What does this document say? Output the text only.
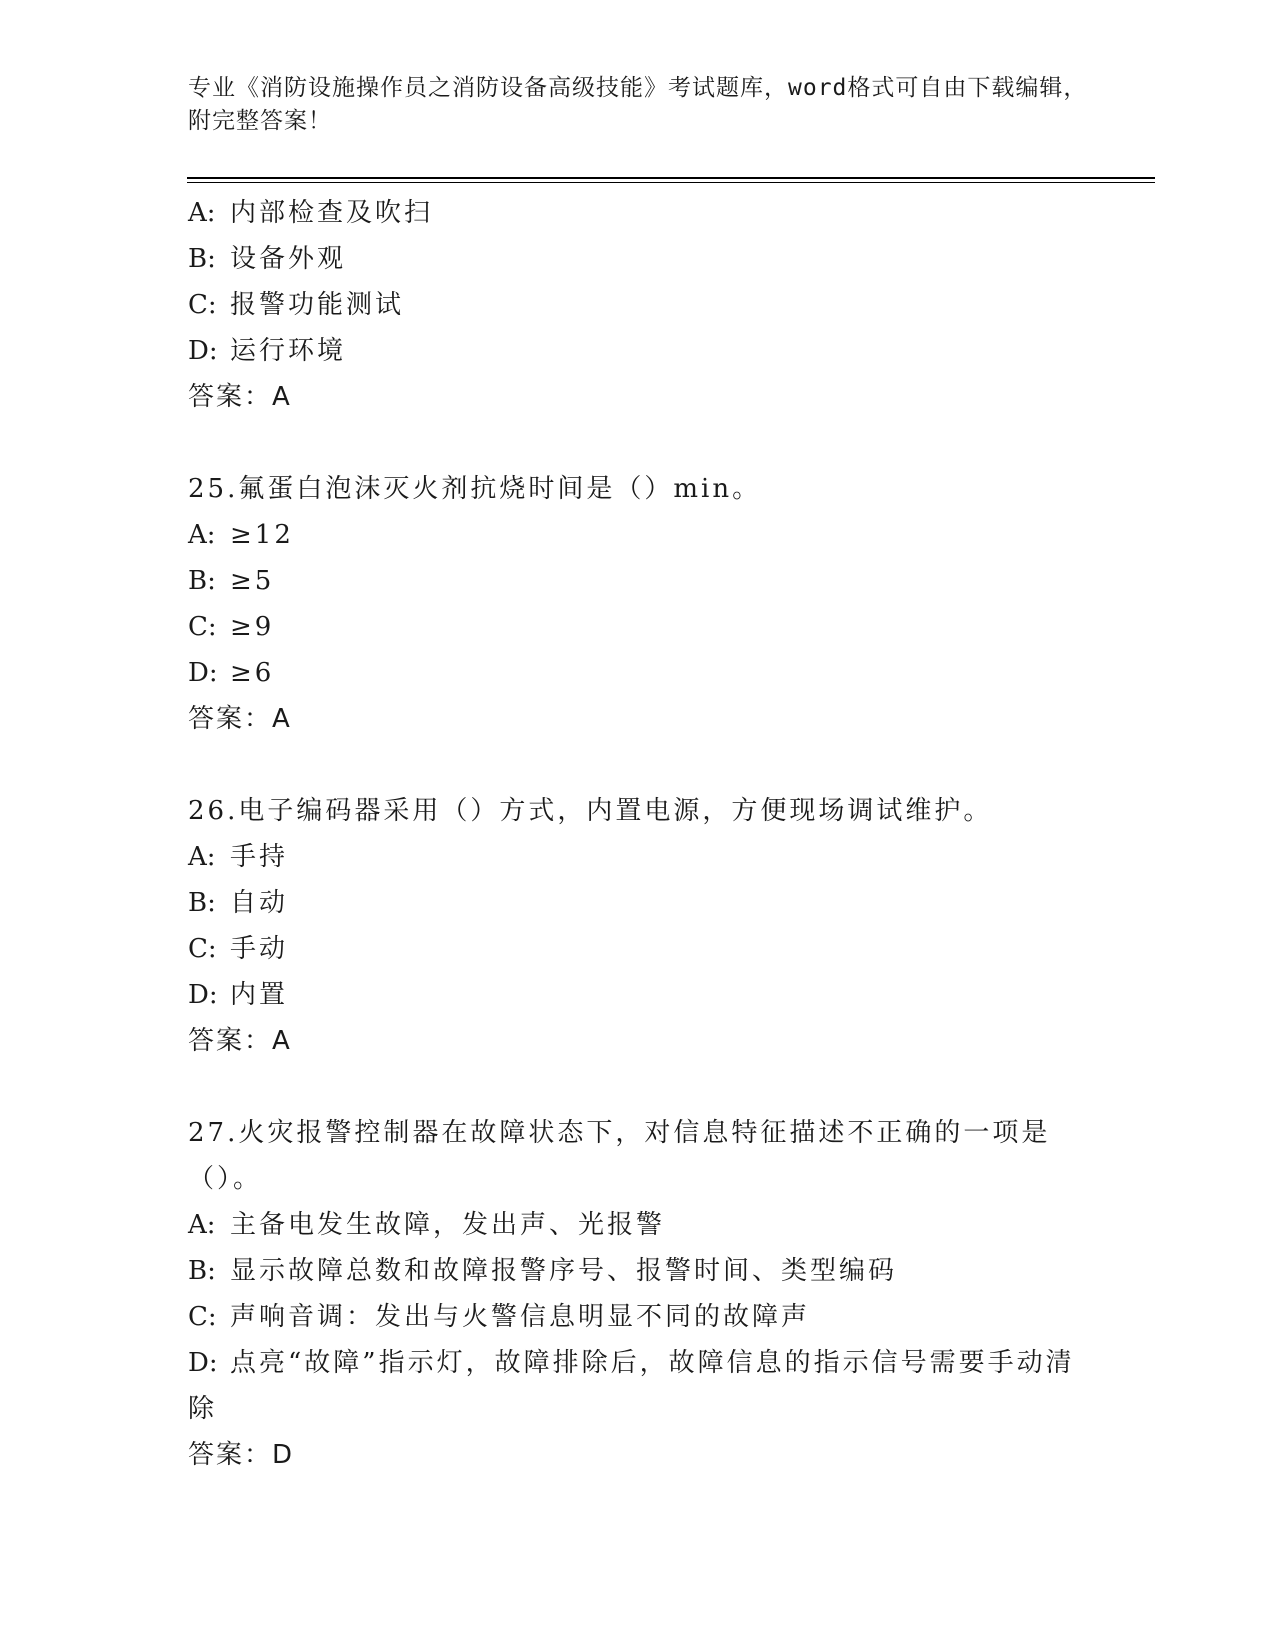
专业《消防设施操作员之消防设备高级技能》考试题库，word格式可自由下载编辑，附完整答案！
A: 内部检查及吹扫
B: 设备外观
C: 报警功能测试
D: 运行环境
答案：A
25.氟蛋白泡沫灭火剂抗烧时间是（）min。
A: ≥12
B: ≥5
C: ≥9
D: ≥6
答案：A
26.电子编码器采用（）方式，内置电源，方便现场调试维护。
A: 手持
B: 自动
C: 手动
D: 内置
答案：A
27.火灾报警控制器在故障状态下，对信息特征描述不正确的一项是（）。
A: 主备电发生故障，发出声、光报警
B: 显示故障总数和故障报警序号、报警时间、类型编码
C: 声响音调：发出与火警信息明显不同的故障声
D: 点亮“故障”指示灯，故障排除后，故障信息的指示信号需要手动清除
答案：D
